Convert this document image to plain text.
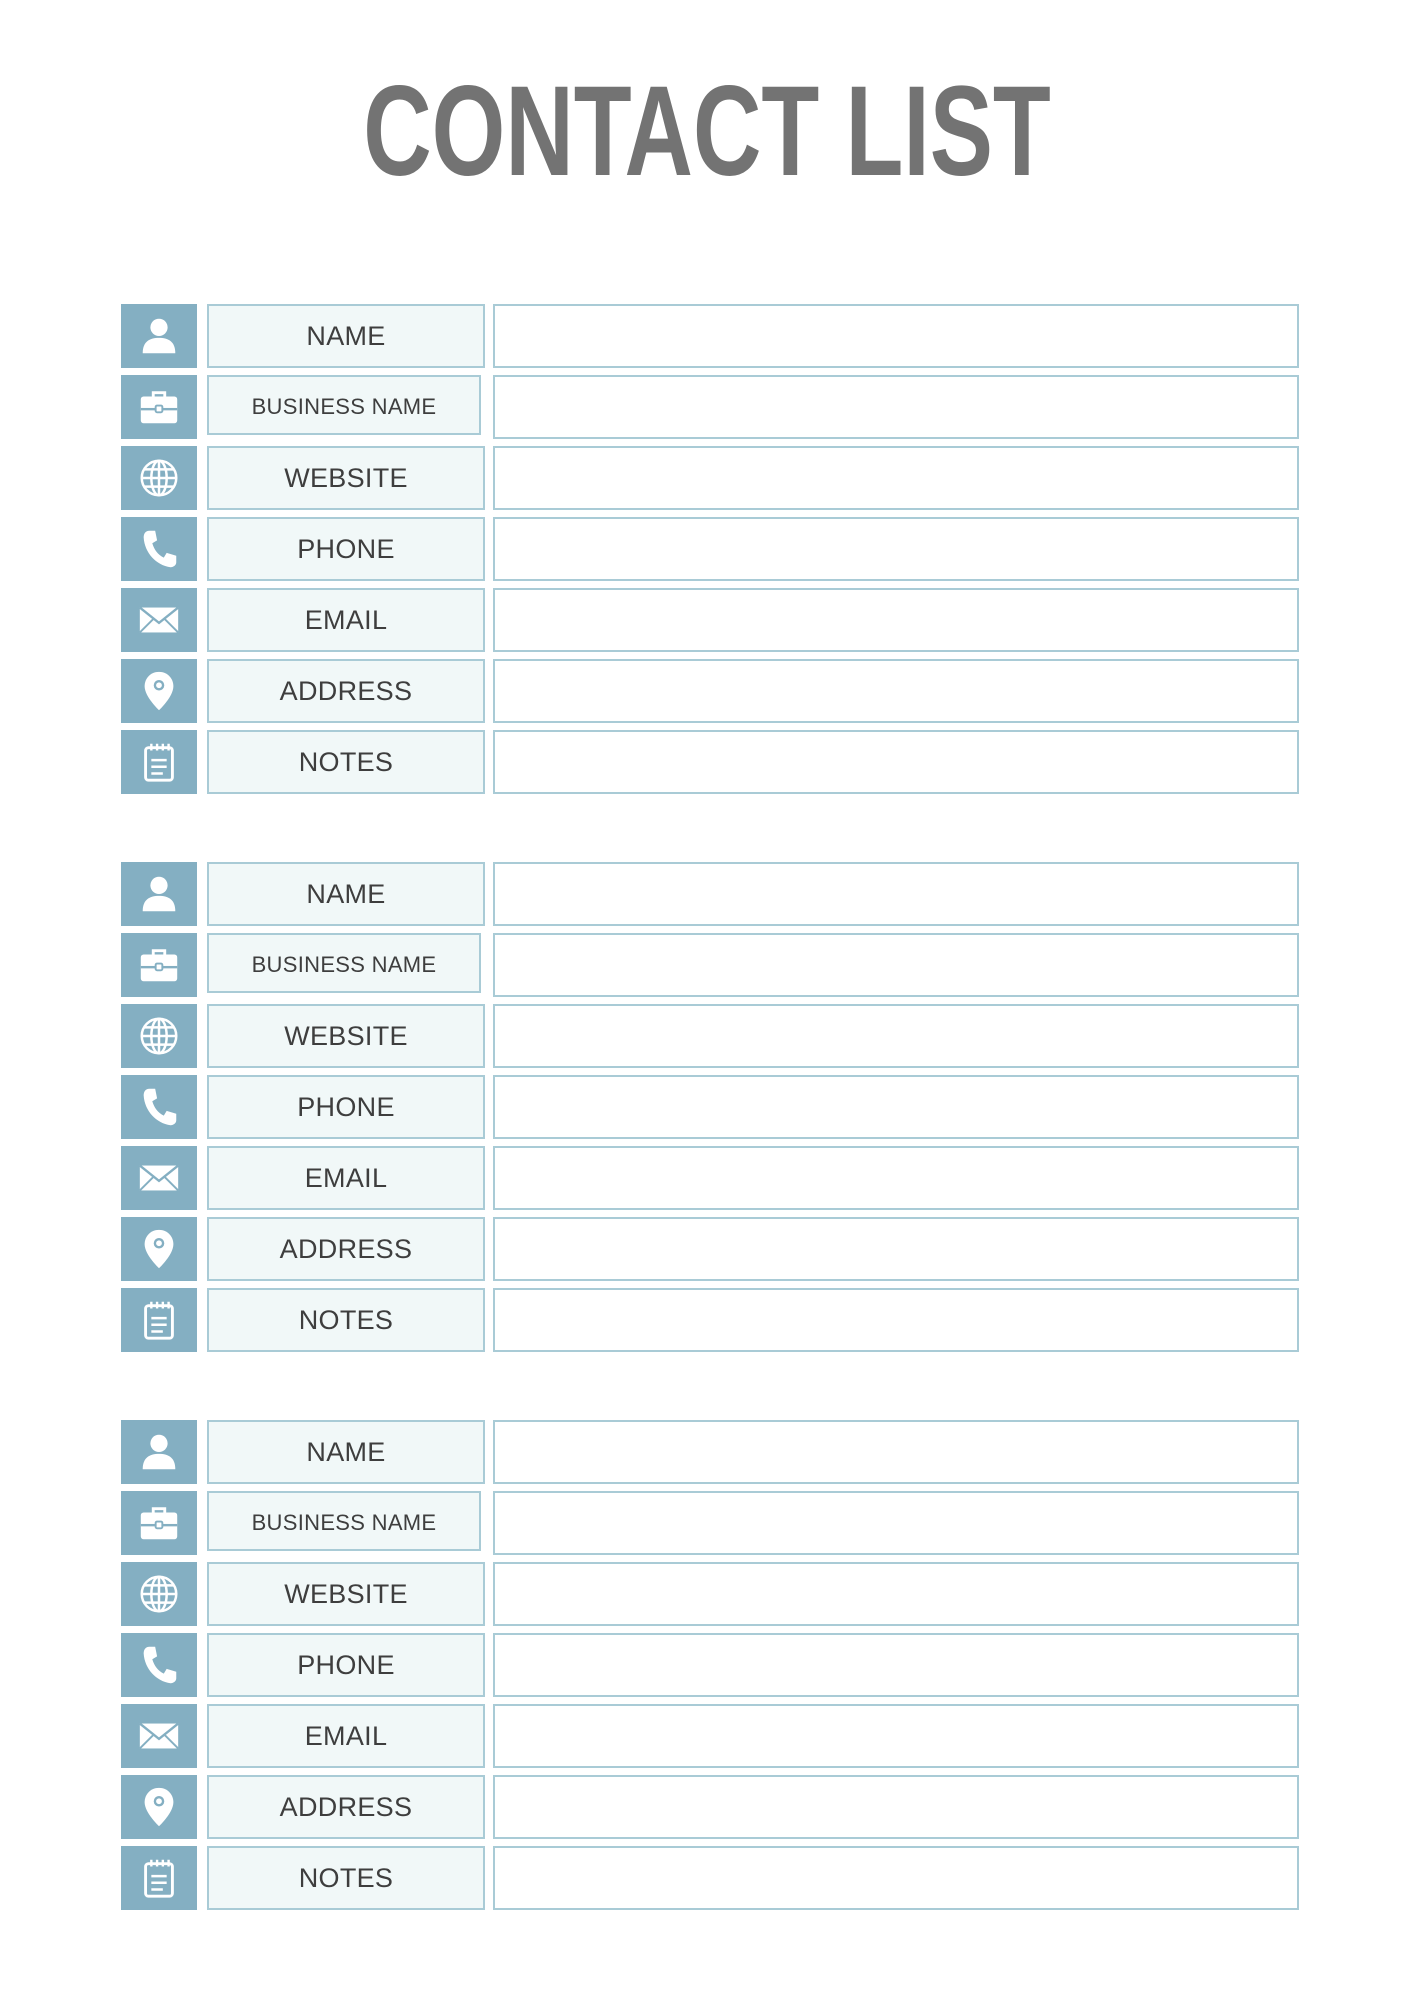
CONTACT LIST
NAME
BUSINESS NAME
WEBSITE
PHONE
EMAIL
ADDRESS
NOTES
NAME
BUSINESS NAME
WEBSITE
PHONE
EMAIL
ADDRESS
NOTES
NAME
BUSINESS NAME
WEBSITE
PHONE
EMAIL
ADDRESS
NOTES
